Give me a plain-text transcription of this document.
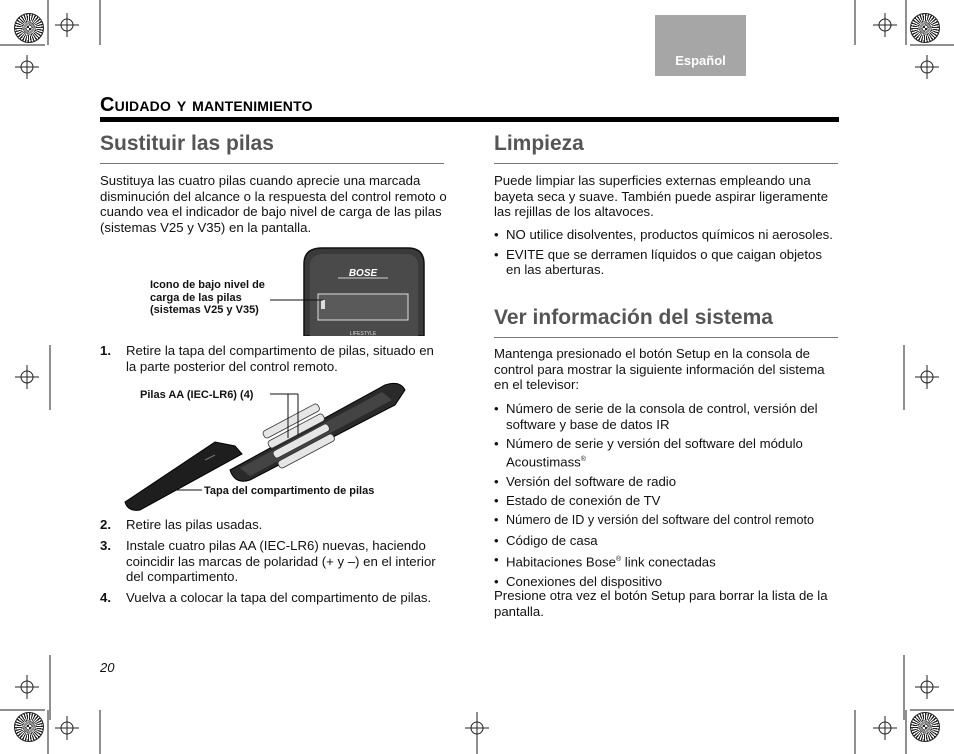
Español
Cuidado y mantenimiento
Sustituir las pilas
Sustituya las cuatro pilas cuando aprecie una marcada disminución del alcance o la respuesta del control remoto o cuando vea el indicador de bajo nivel de carga de las pilas (sistemas V25 y V35) en la pantalla.
BOSE
LIFESTYLE
Icono de bajo nivel de carga de las pilas (sistemas V25 y V35)
1. Retire la tapa del compartimento de pilas, situado en la parte posterior del control remoto.
Pilas AA (IEC-LR6) (4)
Tapa del compartimento de pilas
2. Retire las pilas usadas.
3. Instale cuatro pilas AA (IEC-LR6) nuevas, haciendo coincidir las marcas de polaridad (+ y –) en el interior del compartimento.
4. Vuelva a colocar la tapa del compartimento de pilas.
Limpieza
Puede limpiar las superficies externas empleando una bayeta seca y suave. También puede aspirar ligeramente las rejillas de los altavoces.
• NO utilice disolventes, productos químicos ni aerosoles.
• EVITE que se derramen líquidos o que caigan objetos en las aberturas.
Ver información del sistema
Mantenga presionado el botón Setup en la consola de control para mostrar la siguiente información del sistema en el televisor:
• Número de serie de la consola de control, versión del software y base de datos IR
• Número de serie y versión del software del módulo Acoustimass®
• Versión del software de radio
• Estado de conexión de TV
• Número de ID y versión del software del control remoto
• Código de casa
• Habitaciones Bose® link conectadas
• Conexiones del dispositivo
Presione otra vez el botón Setup para borrar la lista de la pantalla.
20
